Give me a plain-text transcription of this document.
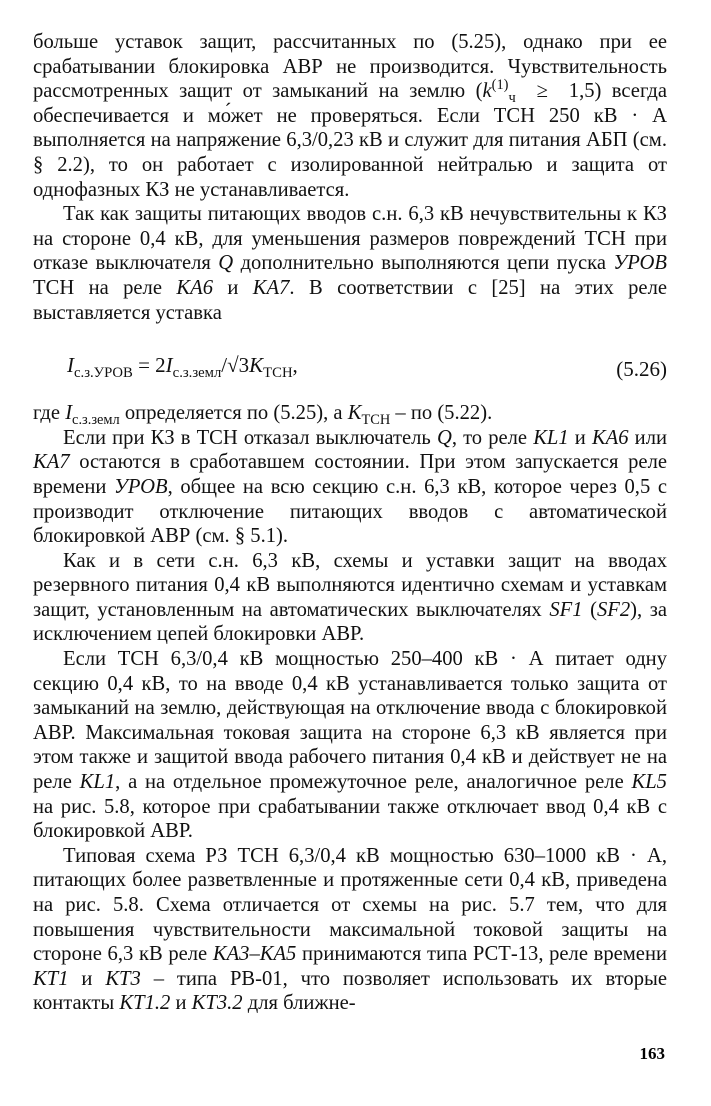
больше уставок защит, рассчитанных по (5.25), однако при ее срабатывании блокировка АВР не производится. Чувствительность рассмотренных защит от замыканий на землю $(k^{(1)}_ч \ge 1,5)$ всегда обеспечивается и мо́жет не проверяться. Если ТСН 250 кВ · А выполняется на напряжение 6,3/0,23 кВ и служит для питания АБП (см. § 2.2), то он работает с изолированной нейтралью и защита от однофазных КЗ не устанавливается.

Так как защиты питающих вводов с.н. 6,3 кВ нечувствительны к КЗ на стороне 0,4 кВ, для уменьшения размеров повреждений ТСН при отказе выключателя Q дополнительно выполняются цепи пуска УРОВ ТСН на реле KA6 и KA7. В соответствии с [25] на этих реле выставляется уставка

$I_{с.з.УРОВ} = 2I_{с.з.земл}/√3K_{ТСН}$,	(5.26)

где $I_{с.з.земл}$ определяется по (5.25), а $K_{ТСН}$ – по (5.22).

Если при КЗ в ТСН отказал выключатель Q, то реле KL1 и KA6 или KA7 остаются в сработавшем состоянии. При этом запускается реле времени УРОВ, общее на всю секцию с.н. 6,3 кВ, которое через 0,5 с производит отключение питающих вводов с автоматической блокировкой АВР (см. § 5.1).

Как и в сети с.н. 6,3 кВ, схемы и уставки защит на вводах резервного питания 0,4 кВ выполняются идентично схемам и уставкам защит, установленным на автоматических выключателях SF1 (SF2), за исключением цепей блокировки АВР.

Если ТСН 6,3/0,4 кВ мощностью 250–400 кВ · А питает одну секцию 0,4 кВ, то на вводе 0,4 кВ устанавливается только защита от замыканий на землю, действующая на отключение ввода с блокировкой АВР. Максимальная токовая защита на стороне 6,3 кВ является при этом также и защитой ввода рабочего питания 0,4 кВ и действует не на реле KL1, а на отдельное промежуточное реле, аналогичное реле KL5 на рис. 5.8, которое при срабатывании также отключает ввод 0,4 кВ с блокировкой АВР.

Типовая схема РЗ ТСН 6,3/0,4 кВ мощностью 630–1000 кВ · А, питающих более разветвленные и протяженные сети 0,4 кВ, приведена на рис. 5.8. Схема отличается от схемы на рис. 5.7 тем, что для повышения чувствительности максимальной токовой защиты на стороне 6,3 кВ реле KA3–KA5 принимаются типа РСТ-13, реле времени KT1 и KT3 – типа РВ-01, что позволяет использовать их вторые контакты KT1.2 и KT3.2 для ближне-

163
